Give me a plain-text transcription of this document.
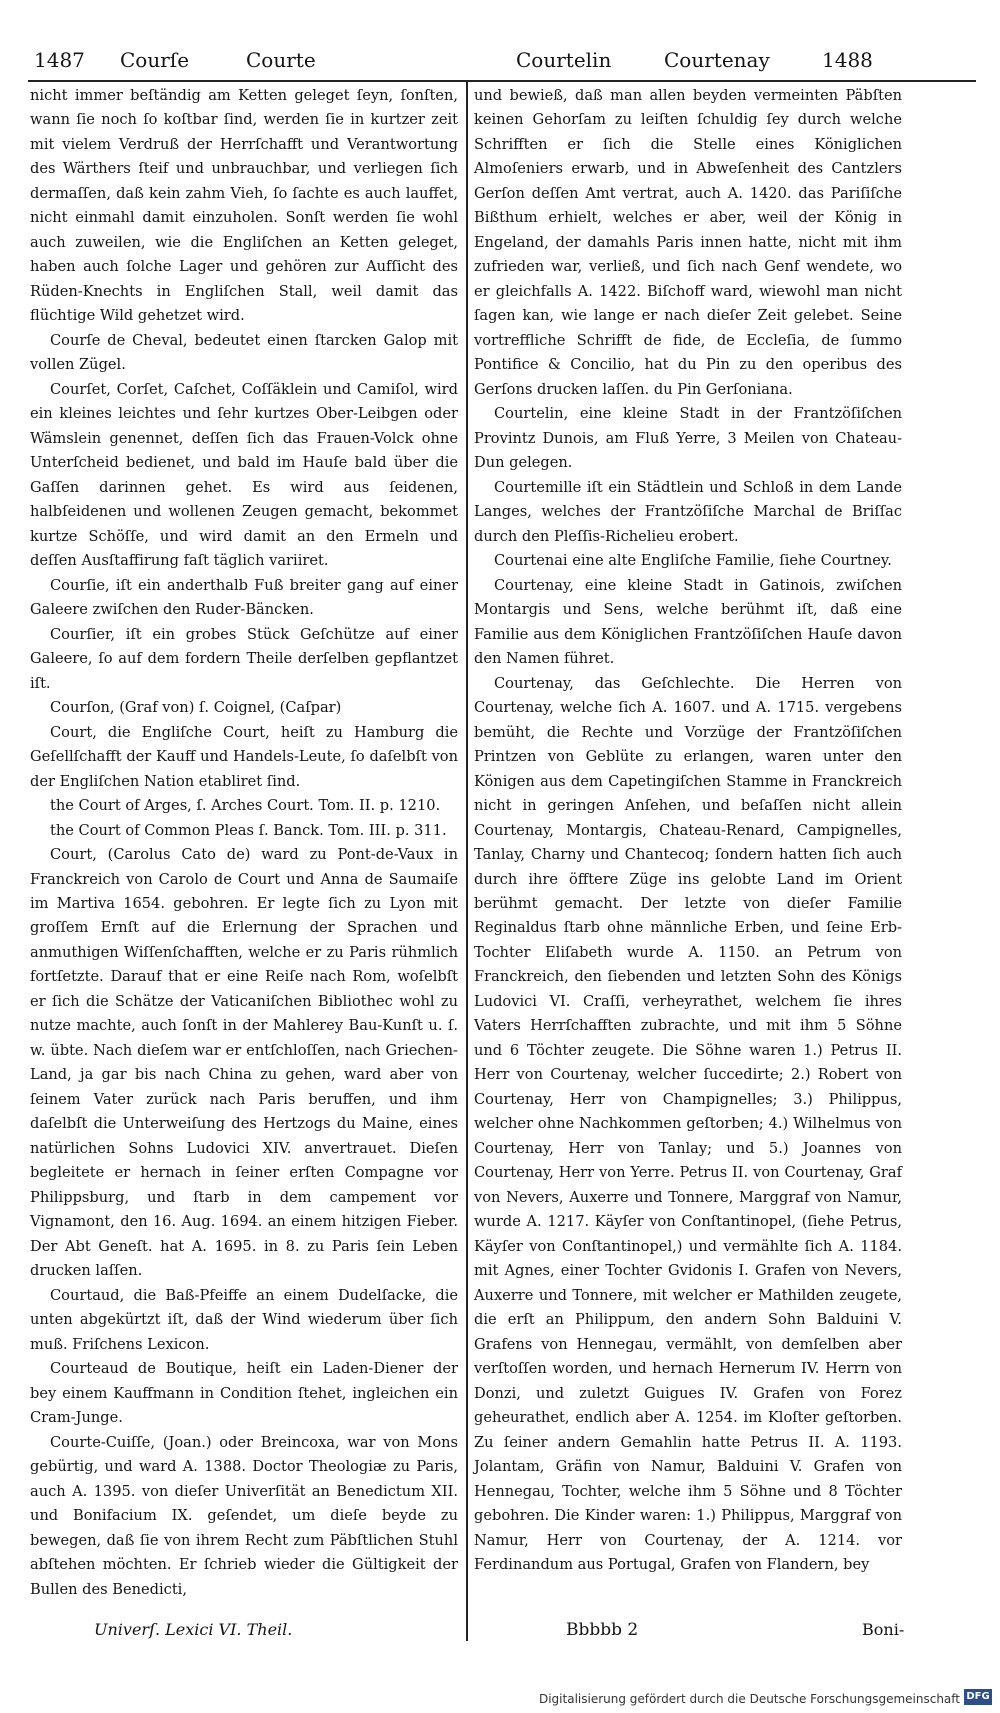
1487 Courſe	Courte	Courtelin	Courtenay	1488

nicht immer beſtändig am Ketten geleget ſeyn, ſonſten, wann ſie noch ſo koſtbar ſind, werden ſie in kurtzer zeit mit vielem Verdruß der Herrſchafft und Verantwortung des Wärthers ſteif und unbrauchbar, und verliegen ſich dermaſſen, daß kein zahm Vieh, ſo ſachte es auch lauffet, nicht einmahl damit einzuholen. Sonſt werden ſie wohl auch zuweilen, wie die Engliſchen an Ketten geleget, haben auch ſolche Lager und gehören zur Aufſicht des Rüden-Knechts in Engliſchen Stall, weil damit das flüchtige Wild gehetzet wird.

Courſe de Cheval, bedeutet einen ſtarcken Galop mit vollen Zügel.

Courſet, Corſet, Caſchet, Coſſäklein und Camiſol, wird ein kleines leichtes und ſehr kurtzes Ober-Leibgen oder Wämslein genennet, deſſen ſich das Frauen-Volck ohne Unterſcheid bedienet, und bald im Hauſe bald über die Gaſſen darinnen gehet. Es wird aus ſeidenen, halbſeidenen und wollenen Zeugen gemacht, bekommet kurtze Schöſſe, und wird damit an den Ermeln und deſſen Ausſtaffirung faſt täglich variiret.

Courſie, iſt ein anderthalb Fuß breiter gang auf einer Galeere zwiſchen den Ruder-Bäncken.

Courſier, iſt ein grobes Stück Geſchütze auf einer Galeere, ſo auf dem fordern Theile derſelben gepflantzet iſt.

Courſon, (Graf von) ſ. Coignel, (Caſpar)

Court, die Engliſche Court, heiſt zu Hamburg die Geſellſchafft der Kauff und Handels-Leute, ſo daſelbſt von der Engliſchen Nation etabliret ſind.

the Court of Arges, ſ. Arches Court. Tom. II. p. 1210.

the Court of Common Pleas ſ. Banck. Tom. III. p. 311.

Court, (Carolus Cato de) ward zu Pont-de-Vaux in Franckreich von Carolo de Court und Anna de Saumaiſe im Martiva 1654. gebohren. Er legte ſich zu Lyon mit groſſem Ernſt auf die Erlernung der Sprachen und anmuthigen Wiſſenſchafften, welche er zu Paris rühmlich fortſetzte. Darauf that er eine Reiſe nach Rom, woſelbſt er ſich die Schätze der Vaticaniſchen Bibliothec wohl zu nutze machte, auch ſonſt in der Mahlerey Bau-Kunſt u. ſ. w. übte. Nach dieſem war er entſchloſſen, nach Griechen-Land, ja gar bis nach China zu gehen, ward aber von ſeinem Vater zurück nach Paris beruffen, und ihm daſelbſt die Unterweiſung des Hertzogs du Maine, eines natürlichen Sohns Ludovici XIV. anvertrauet. Dieſen begleitete er hernach in ſeiner erſten Compagne vor Philippsburg, und ſtarb in dem campement vor Vignamont, den 16. Aug. 1694. an einem hitzigen Fieber. Der Abt Geneſt. hat A. 1695. in 8. zu Paris ſein Leben drucken laſſen.

Courtaud, die Baß-Pfeiffe an einem Dudelſacke, die unten abgekürtzt iſt, daß der Wind wiederum über ſich muß. Friſchens Lexicon.

Courteaud de Boutique, heiſt ein Laden-Diener der bey einem Kauffmann in Condition ſtehet, ingleichen ein Cram-Junge.

Courte-Cuiſſe, (Joan.) oder Breincoxa, war von Mons gebürtig, und ward A. 1388. Doctor Theologiæ zu Paris, auch A. 1395. von dieſer Univerſität an Benedictum XII. und Bonifacium IX. geſendet, um dieſe beyde zu bewegen, daß ſie von ihrem Recht zum Päbſtlichen Stuhl abſtehen möchten. Er ſchrieb wieder die Gültigkeit der Bullen des Benedicti,

und bewieß, daß man allen beyden vermeinten Päbſten keinen Gehorſam zu leiſten ſchuldig ſey durch welche Schrifften er ſich die Stelle eines Königlichen Almoſeniers erwarb, und in Abweſenheit des Cantzlers Gerſon deſſen Amt vertrat, auch A. 1420. das Pariſiſche Bißthum erhielt, welches er aber, weil der König in Engeland, der damahls Paris innen hatte, nicht mit ihm zufrieden war, verließ, und ſich nach Genf wendete, wo er gleichfalls A. 1422. Biſchoff ward, wiewohl man nicht ſagen kan, wie lange er nach dieſer Zeit gelebet. Seine vortreffliche Schrifft de fide, de Eccleſia, de ſummo Pontifice & Concilio, hat du Pin zu den operibus des Gerſons drucken laſſen. du Pin Gerſoniana.

Courtelin, eine kleine Stadt in der Frantzöſiſchen Provintz Dunois, am Fluß Yerre, 3 Meilen von Chateau-Dun gelegen.

Courtemille iſt ein Städtlein und Schloß in dem Lande Langes, welches der Frantzöſiſche Marchal de Briſſac durch den Pleſſis-Richelieu erobert.

Courtenai eine alte Engliſche Familie, ſiehe Courtney.

Courtenay, eine kleine Stadt in Gatinois, zwiſchen Montargis und Sens, welche berühmt iſt, daß eine Familie aus dem Königlichen Frantzöſiſchen Hauſe davon den Namen führet.

Courtenay, das Geſchlechte. Die Herren von Courtenay, welche ſich A. 1607. und A. 1715. vergebens bemüht, die Rechte und Vorzüge der Frantzöſiſchen Printzen von Geblüte zu erlangen, waren unter den Königen aus dem Capetingiſchen Stamme in Franckreich nicht in geringen Anſehen, und beſaſſen nicht allein Courtenay, Montargis, Chateau-Renard, Campignelles, Tanlay, Charny und Chantecoq; ſondern hatten ſich auch durch ihre öfftere Züge ins gelobte Land im Orient berühmt gemacht. Der letzte von dieſer Familie Reginaldus ſtarb ohne männliche Erben, und ſeine Erb-Tochter Eliſabeth wurde A. 1150. an Petrum von Franckreich, den ſiebenden und letzten Sohn des Königs Ludovici VI. Craſſi, verheyrathet, welchem ſie ihres Vaters Herrſchafften zubrachte, und mit ihm 5 Söhne und 6 Töchter zeugete. Die Söhne waren 1.) Petrus II. Herr von Courtenay, welcher ſuccedirte; 2.) Robert von Courtenay, Herr von Champignelles; 3.) Philippus, welcher ohne Nachkommen geſtorben; 4.) Wilhelmus von Courtenay, Herr von Tanlay; und 5.) Joannes von Courtenay, Herr von Yerre. Petrus II. von Courtenay, Graf von Nevers, Auxerre und Tonnere, Marggraf von Namur, wurde A. 1217. Käyſer von Conſtantinopel, (ſiehe Petrus, Käyſer von Conſtantinopel,) und vermählte ſich A. 1184. mit Agnes, einer Tochter Gvidonis I. Grafen von Nevers, Auxerre und Tonnere, mit welcher er Mathilden zeugete, die erſt an Philippum, den andern Sohn Balduini V. Grafens von Hennegau, vermählt, von demſelben aber verſtoſſen worden, und hernach Hernerum IV. Herrn von Donzi, und zuletzt Guigues IV. Grafen von Forez geheurathet, endlich aber A. 1254. im Kloſter geſtorben. Zu ſeiner andern Gemahlin hatte Petrus II. A. 1193. Jolantam, Gräfin von Namur, Balduini V. Grafen von Hennegau, Tochter, welche ihm 5 Söhne und 8 Töchter gebohren. Die Kinder waren: 1.) Philippus, Marggraf von Namur, Herr von Courtenay, der A. 1214. vor Ferdinandum aus Portugal, Grafen von Flandern, bey

Univerſ. Lexici VI. Theil.	Bbbbb 2	Boni-
Digitalisierung gefördert durch die Deutsche Forschungsgemeinschaft DFG
